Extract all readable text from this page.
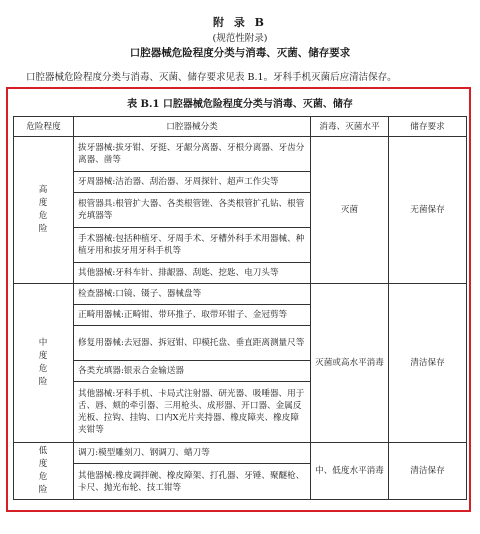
附 录 B
(规范性附录)
口腔器械危险程度分类与消毒、灭菌、储存要求
口腔器械危险程度分类与消毒、灭菌、储存要求见表 B.1。牙科手机灭菌后应清洁保存。
表 B.1 口腔器械危险程度分类与消毒、灭菌、储存
危险程度	口腔器械分类	消毒、灭菌水平	储存要求
高度危险	拔牙器械:拔牙钳、牙挺、牙龈分离器、牙根分离器、牙齿分离器、凿等	灭菌	无菌保存
	牙周器械:洁治器、刮治器、牙周探针、超声工作尖等		
	根管器具:根管扩大器、各类根管锉、各类根管扩孔钻、根管充填器等		
	手术器械:包括种植牙、牙周手术、牙槽外科手术用器械、种植牙用和拔牙用牙科手机等		
	其他器械:牙科车针、排龈器、刮匙、挖匙、电刀头等		
中度危险	检查器械:口镜、镊子、器械盘等	灭菌或高水平消毒	清洁保存
	正畸用器械:正畸钳、带环推子、取带环钳子、金冠剪等		
	修复用器械:去冠器、拆冠钳、印模托盘、垂直距离测量尺等		
	各类充填器:银汞合金输送器		
	其他器械:牙科手机、卡局式注射器、研光器、吸唾器、用于舌、唇、颊的牵引器、三用枪头、成形器、开口器、金属反光板、拉钩、挂钩、口内X光片夹持器、橡皮障夹、橡皮障夹钳等		
低度危险	调刀:模型雕刻刀、钢调刀、蜡刀等	中、低度水平消毒	清洁保存
	其他器械:橡皮调拌碗、橡皮障架、打孔器、牙锤、聚醚枪、卡尺、抛光布轮、技工钳等		
